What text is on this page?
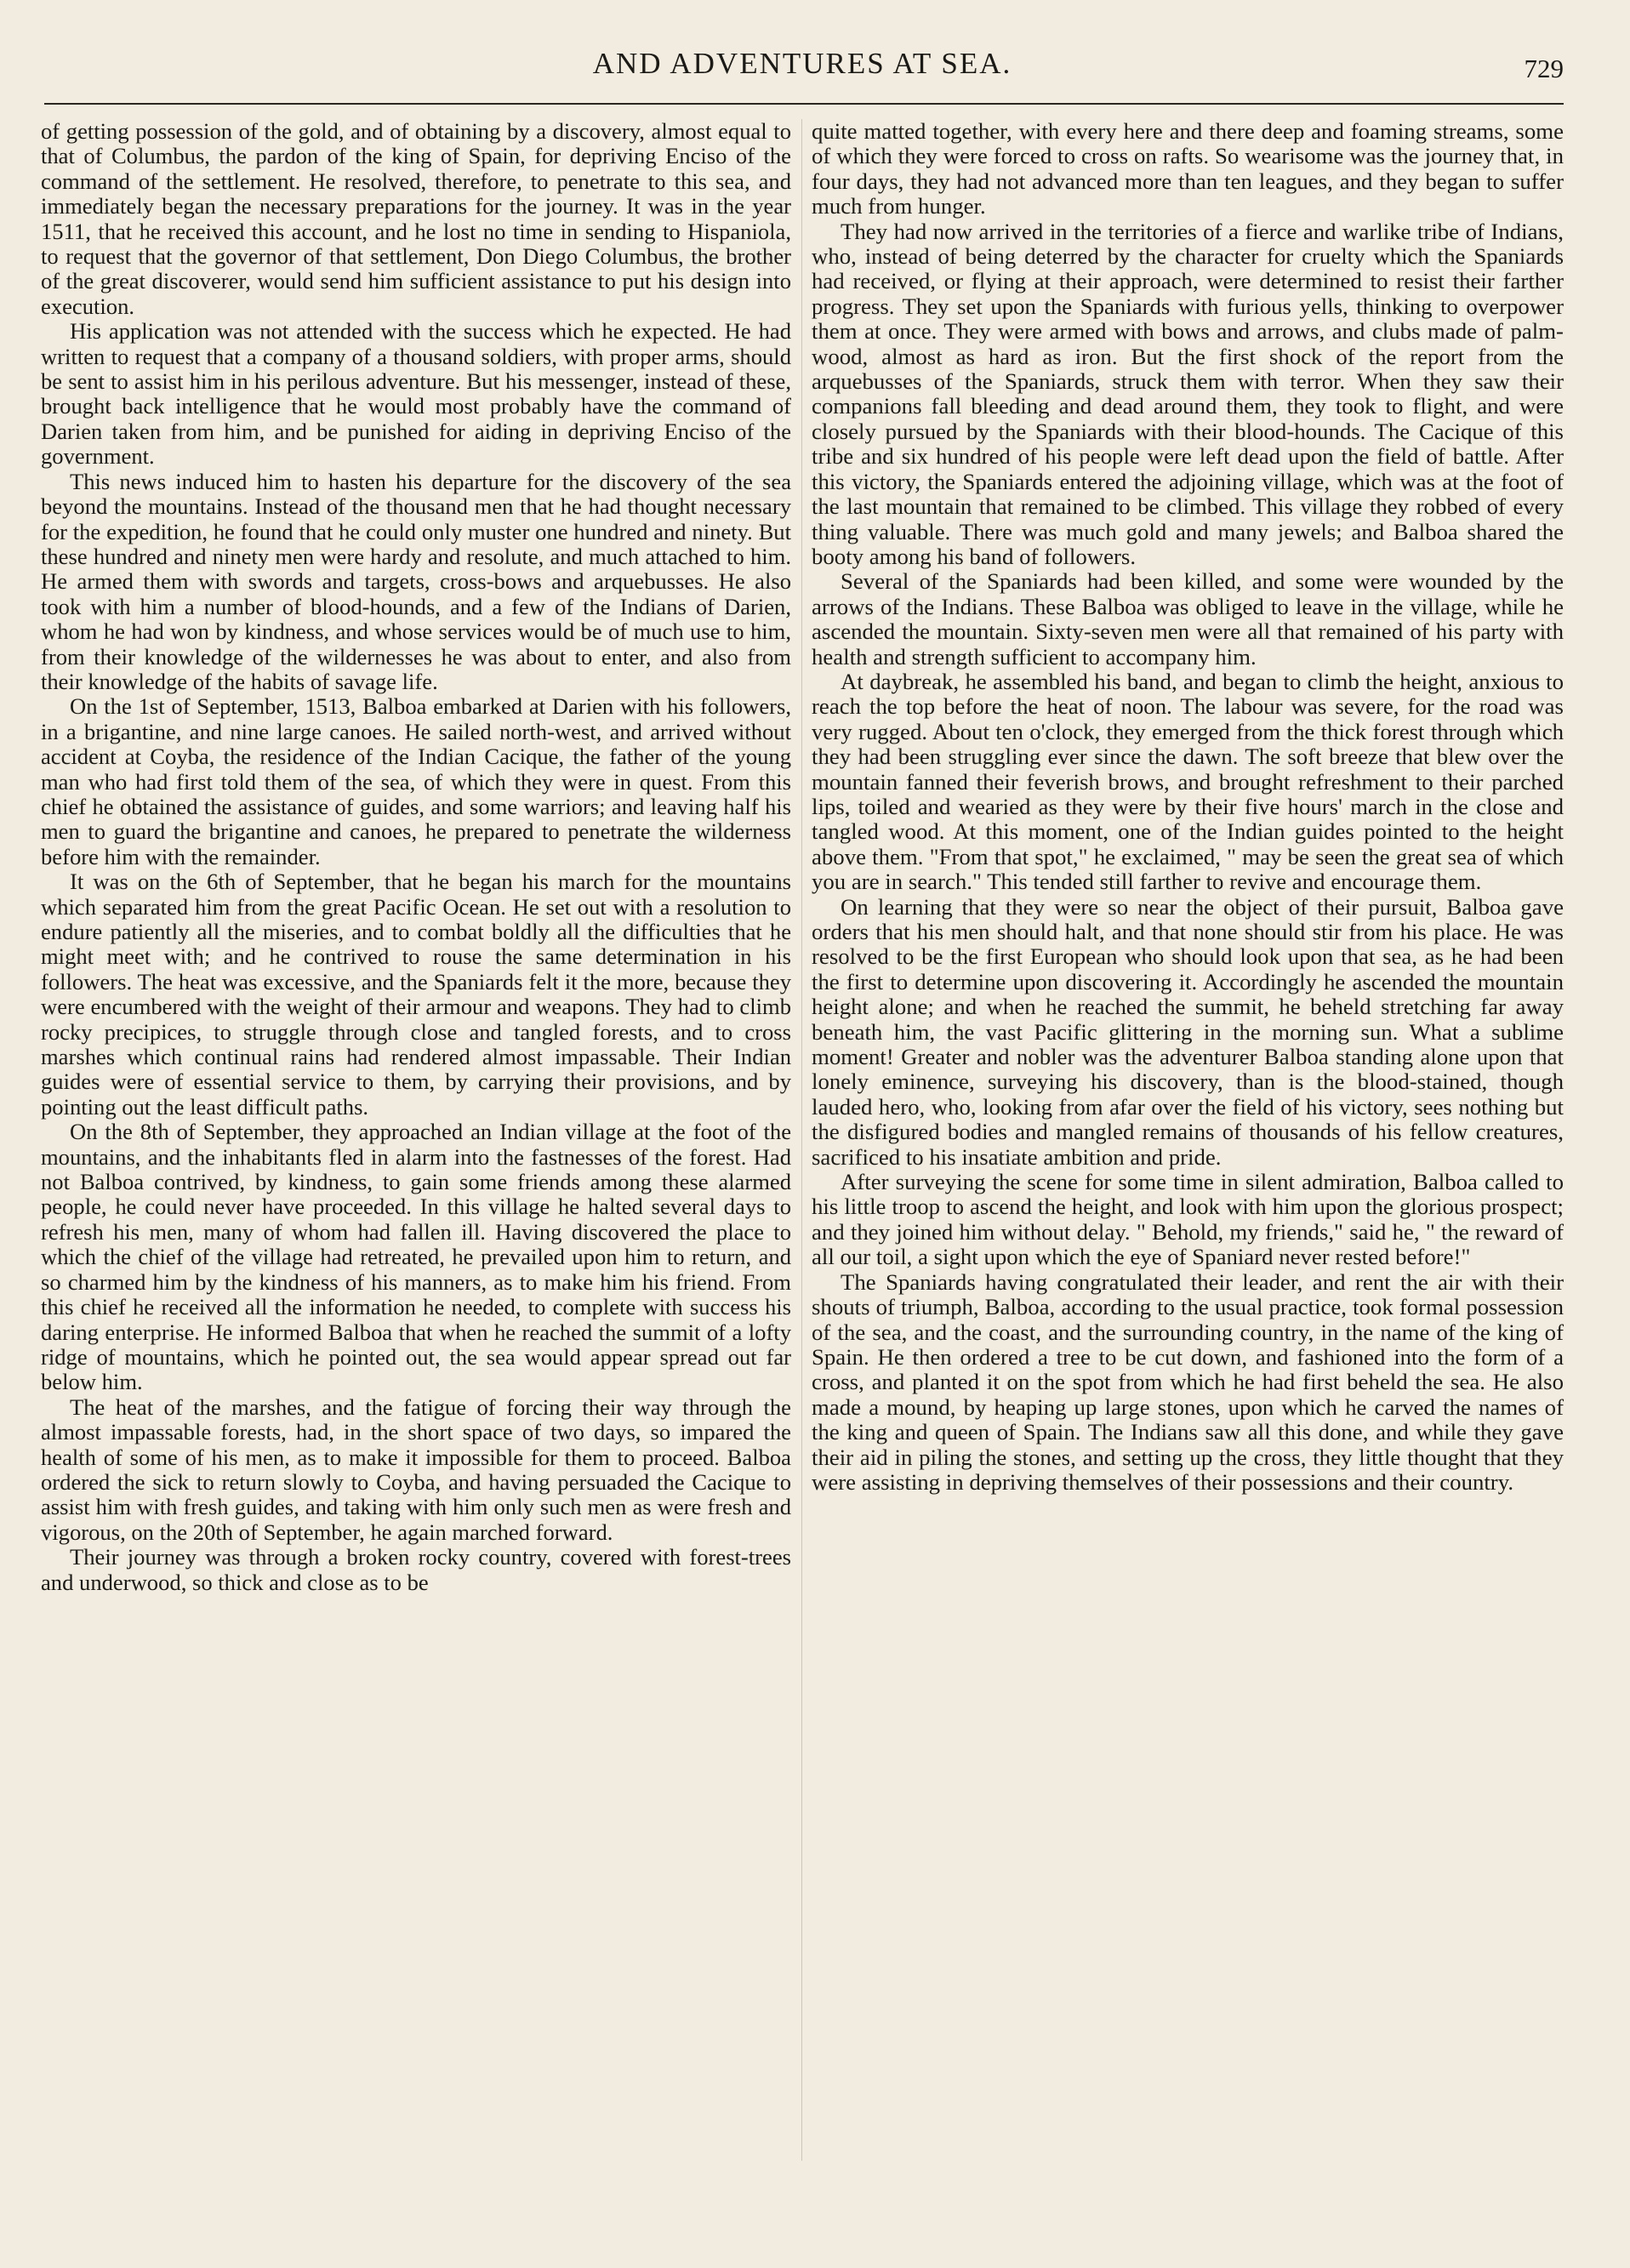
AND ADVENTURES AT SEA.	729

of getting possession of the gold, and of obtaining by a discovery, almost equal to that of Columbus, the pardon of the king of Spain, for depriving Enciso of the command of the settlement. He resolved, therefore, to penetrate to this sea, and immediately began the necessary preparations for the journey. It was in the year 1511, that he received this account, and he lost no time in sending to Hispaniola, to request that the governor of that settlement, Don Diego Columbus, the brother of the great discoverer, would send him sufficient assistance to put his design into execution.

His application was not attended with the success which he expected. He had written to request that a company of a thousand soldiers, with proper arms, should be sent to assist him in his perilous adventure. But his messenger, instead of these, brought back intelligence that he would most probably have the command of Darien taken from him, and be punished for aiding in depriving Enciso of the government.

This news induced him to hasten his departure for the discovery of the sea beyond the mountains. Instead of the thousand men that he had thought necessary for the expedition, he found that he could only muster one hundred and ninety. But these hundred and ninety men were hardy and resolute, and much attached to him. He armed them with swords and targets, cross-bows and arquebusses. He also took with him a number of blood-hounds, and a few of the Indians of Darien, whom he had won by kindness, and whose services would be of much use to him, from their knowledge of the wildernesses he was about to enter, and also from their knowledge of the habits of savage life.

On the 1st of September, 1513, Balboa embarked at Darien with his followers, in a brigantine, and nine large canoes. He sailed north-west, and arrived without accident at Coyba, the residence of the Indian Cacique, the father of the young man who had first told them of the sea, of which they were in quest. From this chief he obtained the assistance of guides, and some warriors; and leaving half his men to guard the brigantine and canoes, he prepared to penetrate the wilderness before him with the remainder.

It was on the 6th of September, that he began his march for the mountains which separated him from the great Pacific Ocean. He set out with a resolution to endure patiently all the miseries, and to combat boldly all the difficulties that he might meet with; and he contrived to rouse the same determination in his followers. The heat was excessive, and the Spaniards felt it the more, because they were encumbered with the weight of their armour and weapons. They had to climb rocky precipices, to struggle through close and tangled forests, and to cross marshes which continual rains had rendered almost impassable. Their Indian guides were of essential service to them, by carrying their provisions, and by pointing out the least difficult paths.

On the 8th of September, they approached an Indian village at the foot of the mountains, and the inhabitants fled in alarm into the fastnesses of the forest. Had not Balboa contrived, by kindness, to gain some friends among these alarmed people, he could never have proceeded. In this village he halted several days to refresh his men, many of whom had fallen ill. Having discovered the place to which the chief of the village had retreated, he prevailed upon him to return, and so charmed him by the kindness of his manners, as to make him his friend. From this chief he received all the information he needed, to complete with success his daring enterprise. He informed Balboa that when he reached the summit of a lofty ridge of mountains, which he pointed out, the sea would appear spread out far below him.

The heat of the marshes, and the fatigue of forcing their way through the almost impassable forests, had, in the short space of two days, so impared the health of some of his men, as to make it impossible for them to proceed. Balboa ordered the sick to return slowly to Coyba, and having persuaded the Cacique to assist him with fresh guides, and taking with him only such men as were fresh and vigorous, on the 20th of September, he again marched forward.

Their journey was through a broken rocky country, covered with forest-trees and underwood, so thick and close as to be

quite matted together, with every here and there deep and foaming streams, some of which they were forced to cross on rafts. So wearisome was the journey that, in four days, they had not advanced more than ten leagues, and they began to suffer much from hunger.

They had now arrived in the territories of a fierce and warlike tribe of Indians, who, instead of being deterred by the character for cruelty which the Spaniards had received, or flying at their approach, were determined to resist their farther progress. They set upon the Spaniards with furious yells, thinking to overpower them at once. They were armed with bows and arrows, and clubs made of palm-wood, almost as hard as iron. But the first shock of the report from the arquebusses of the Spaniards, struck them with terror. When they saw their companions fall bleeding and dead around them, they took to flight, and were closely pursued by the Spaniards with their blood-hounds. The Cacique of this tribe and six hundred of his people were left dead upon the field of battle. After this victory, the Spaniards entered the adjoining village, which was at the foot of the last mountain that remained to be climbed. This village they robbed of every thing valuable. There was much gold and many jewels; and Balboa shared the booty among his band of followers.

Several of the Spaniards had been killed, and some were wounded by the arrows of the Indians. These Balboa was obliged to leave in the village, while he ascended the mountain. Sixty-seven men were all that remained of his party with health and strength sufficient to accompany him.

At daybreak, he assembled his band, and began to climb the height, anxious to reach the top before the heat of noon. The labour was severe, for the road was very rugged. About ten o'clock, they emerged from the thick forest through which they had been struggling ever since the dawn. The soft breeze that blew over the mountain fanned their feverish brows, and brought refreshment to their parched lips, toiled and wearied as they were by their five hours' march in the close and tangled wood. At this moment, one of the Indian guides pointed to the height above them. "From that spot," he exclaimed, " may be seen the great sea of which you are in search." This tended still farther to revive and encourage them.

On learning that they were so near the object of their pursuit, Balboa gave orders that his men should halt, and that none should stir from his place. He was resolved to be the first European who should look upon that sea, as he had been the first to determine upon discovering it. Accordingly he ascended the mountain height alone; and when he reached the summit, he beheld stretching far away beneath him, the vast Pacific glittering in the morning sun. What a sublime moment! Greater and nobler was the adventurer Balboa standing alone upon that lonely eminence, surveying his discovery, than is the blood-stained, though lauded hero, who, looking from afar over the field of his victory, sees nothing but the disfigured bodies and mangled remains of thousands of his fellow creatures, sacrificed to his insatiate ambition and pride.

After surveying the scene for some time in silent admiration, Balboa called to his little troop to ascend the height, and look with him upon the glorious prospect; and they joined him without delay. " Behold, my friends," said he, " the reward of all our toil, a sight upon which the eye of Spaniard never rested before!"

The Spaniards having congratulated their leader, and rent the air with their shouts of triumph, Balboa, according to the usual practice, took formal possession of the sea, and the coast, and the surrounding country, in the name of the king of Spain. He then ordered a tree to be cut down, and fashioned into the form of a cross, and planted it on the spot from which he had first beheld the sea. He also made a mound, by heaping up large stones, upon which he carved the names of the king and queen of Spain. The Indians saw all this done, and while they gave their aid in piling the stones, and setting up the cross, they little thought that they were assisting in depriving themselves of their possessions and their country.
